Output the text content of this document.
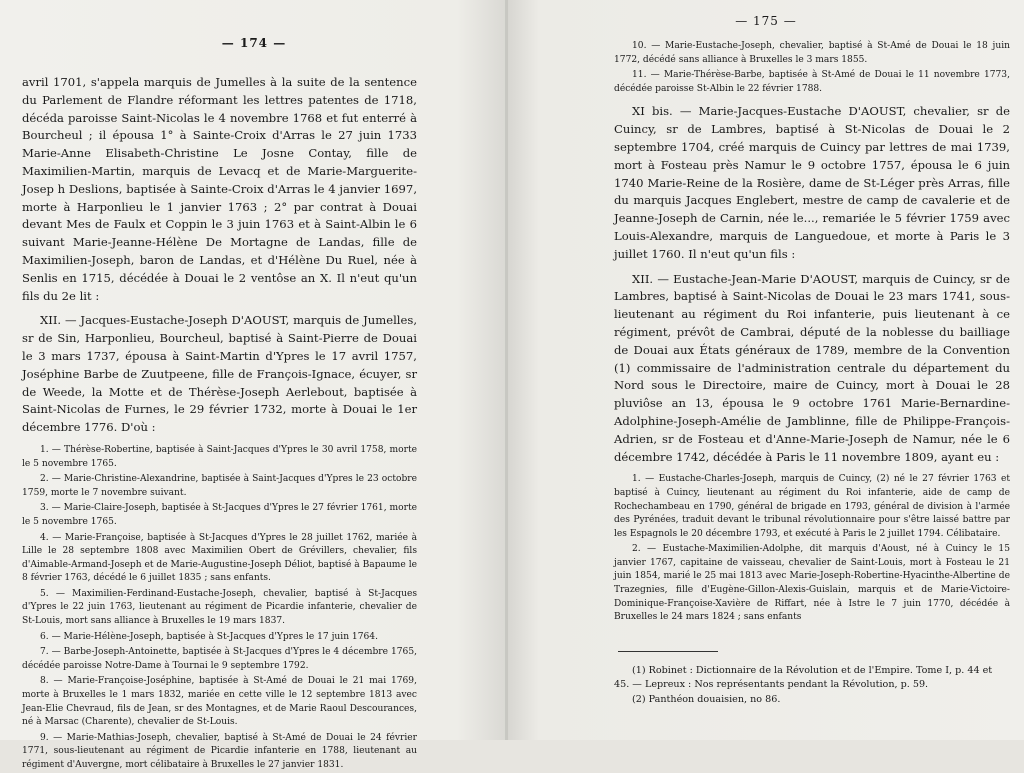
— 174 —

avril 1701, s'appela marquis de Jumelles à la suite de la sentence du Parlement de Flandre réformant les lettres patentes de 1718, décéda paroisse Saint-Nicolas le 4 novembre 1768 et fut enterré à Bourcheul ; il épousa 1° à Sainte-Croix d'Arras le 27 juin 1733 Marie-Anne Elisabeth-Christine Le Josne Contay, fille de Maximilien-Martin, marquis de Levacq et de Marie-Marguerite-Josep h Deslions, baptisée à Sainte-Croix d'Arras le 4 janvier 1697, morte à Harponlieu le 1 janvier 1763 ; 2° par contrat à Douai devant Mes de Faulx et Coppin le 3 juin 1763 et à Saint-Albin le 6 suivant Marie-Jeanne-Hélène De Mortagne de Landas, fille de Maximilien-Joseph, baron de Landas, et d'Hélène Du Ruel, née à Senlis en 1715, décédée à Douai le 2 ventôse an X. Il n'eut qu'un fils du 2e lit :

XII. — Jacques-Eustache-Joseph D'AOUST, marquis de Jumelles, sr de Sin, Harponlieu, Bourcheul, baptisé à Saint-Pierre de Douai le 3 mars 1737, épousa à Saint-Martin d'Ypres le 17 avril 1757, Joséphine Barbe de Zuutpeene, fille de François-Ignace, écuyer, sr de Weede, la Motte et de Thérèse-Joseph Aerlebout, baptisée à Saint-Nicolas de Furnes, le 29 février 1732, morte à Douai le 1er décembre 1776. D'où :

1. — Thérèse-Robertine, baptisée à Saint-Jacques d'Ypres le 30 avril 1758, morte le 5 novembre 1765.

2. — Marie-Christine-Alexandrine, baptisée à Saint-Jacques d'Ypres le 23 octobre 1759, morte le 7 novembre suivant.

3. — Marie-Claire-Joseph, baptisée à St-Jacques d'Ypres le 27 février 1761, morte le 5 novembre 1765.

4. — Marie-Françoise, baptisée à St-Jacques d'Ypres le 28 juillet 1762, mariée à Lille le 28 septembre 1808 avec Maximilien Obert de Grévillers, chevalier, fils d'Aimable-Armand-Joseph et de Marie-Augustine-Joseph Déliot, baptisé à Bapaume le 8 février 1763, décédé le 6 juillet 1835 ; sans enfants.

5. — Maximilien-Ferdinand-Eustache-Joseph, chevalier, baptisé à St-Jacques d'Ypres le 22 juin 1763, lieutenant au régiment de Picardie infanterie, chevalier de St-Louis, mort sans alliance à Bruxelles le 19 mars 1837.

6. — Marie-Hélène-Joseph, baptisée à St-Jacques d'Ypres le 17 juin 1764.

7. — Barbe-Joseph-Antoinette, baptisée à St-Jacques d'Ypres le 4 décembre 1765, décédée paroisse Notre-Dame à Tournai le 9 septembre 1792.

8. — Marie-Françoise-Joséphine, baptisée à St-Amé de Douai le 21 mai 1769, morte à Bruxelles le 1 mars 1832, mariée en cette ville le 12 septembre 1813 avec Jean-Elie Chevraud, fils de Jean, sr des Montagnes, et de Marie Raoul Descourances, né à Marsac (Charente), chevalier de St-Louis.

9. — Marie-Mathias-Joseph, chevalier, baptisé à St-Amé de Douai le 24 février 1771, sous-lieutenant au régiment de Picardie infanterie en 1788, lieutenant au régiment d'Auvergne, mort célibataire à Bruxelles le 27 janvier 1831.

— 175 —

10. — Marie-Eustache-Joseph, chevalier, baptisé à St-Amé de Douai le 18 juin 1772, décédé sans alliance à Bruxelles le 3 mars 1855.

11. — Marie-Thérèse-Barbe, baptisée à St-Amé de Douai le 11 novembre 1773, décédée paroisse St-Albin le 22 février 1788.

XI bis. — Marie-Jacques-Eustache D'AOUST, chevalier, sr de Cuincy, sr de Lambres, baptisé à St-Nicolas de Douai le 2 septembre 1704, créé marquis de Cuincy par lettres de mai 1739, mort à Fosteau près Namur le 9 octobre 1757, épousa le 6 juin 1740 Marie-Reine de la Rosière, dame de St-Léger près Arras, fille du marquis Jacques Englebert, mestre de camp de cavalerie et de Jeanne-Joseph de Carnin, née le..., remariée le 5 février 1759 avec Louis-Alexandre, marquis de Languedoue, et morte à Paris le 3 juillet 1760. Il n'eut qu'un fils :

XII. — Eustache-Jean-Marie D'AOUST, marquis de Cuincy, sr de Lambres, baptisé à Saint-Nicolas de Douai le 23 mars 1741, sous-lieutenant au régiment du Roi infanterie, puis lieutenant à ce régiment, prévôt de Cambrai, député de la noblesse du bailliage de Douai aux États généraux de 1789, membre de la Convention (1) commissaire de l'administration centrale du département du Nord sous le Directoire, maire de Cuincy, mort à Douai le 28 pluviôse an 13, épousa le 9 octobre 1761 Marie-Bernardine-Adolphine-Joseph-Amélie de Jamblinne, fille de Philippe-François-Adrien, sr de Fosteau et d'Anne-Marie-Joseph de Namur, née le 6 décembre 1742, décédée à Paris le 11 novembre 1809, ayant eu :

1. — Eustache-Charles-Joseph, marquis de Cuincy, (2) né le 27 février 1763 et baptisé à Cuincy, lieutenant au régiment du Roi infanterie, aide de camp de Rochechambeau en 1790, général de brigade en 1793, général de division à l'armée des Pyrénées, traduit devant le tribunal révolutionnaire pour s'être laissé battre par les Espagnols le 20 décembre 1793, et exécuté à Paris le 2 juillet 1794. Célibataire.

2. — Eustache-Maximilien-Adolphe, dit marquis d'Aoust, né à Cuincy le 15 janvier 1767, capitaine de vaisseau, chevalier de Saint-Louis, mort à Fosteau le 21 juin 1854, marié le 25 mai 1813 avec Marie-Joseph-Robertine-Hyacinthe-Albertine de Trazegnies, fille d'Eugène-Gillon-Alexis-Guislain, marquis et de Marie-Victoire-Dominique-Françoise-Xavière de Riffart, née à Istre le 7 juin 1770, décédée à Bruxelles le 24 mars 1824 ; sans enfants

(1) Robinet : Dictionnaire de la Révolution et de l'Empire. Tome I, p. 44 et 45. — Lepreux : Nos représentants pendant la Révolution, p. 59.

(2) Panthéon douaisien, no 86.
